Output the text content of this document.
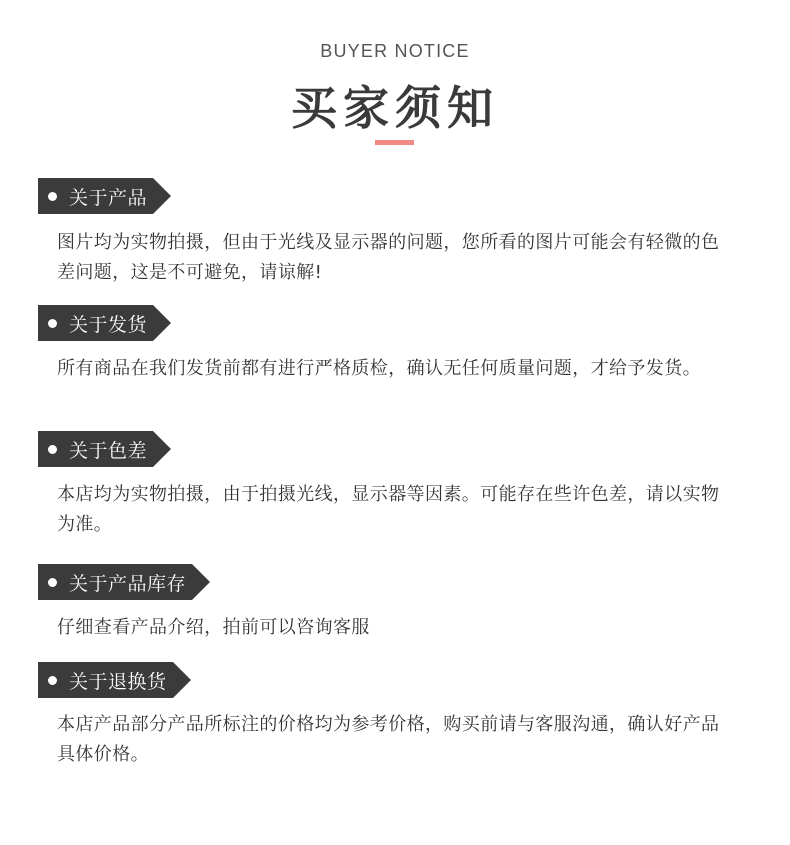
BUYER NOTICE
买家须知
关于产品
图片均为实物拍摄，但由于光线及显示器的问题，您所看的图片可能会有轻微的色差问题，这是不可避免，请谅解!
关于发货
所有商品在我们发货前都有进行严格质检，确认无任何质量问题，才给予发货。
关于色差
本店均为实物拍摄，由于拍摄光线，显示器等因素。可能存在些许色差，请以实物为准。
关于产品库存
仔细查看产品介绍，拍前可以咨询客服
关于退换货
本店产品部分产品所标注的价格均为参考价格，购买前请与客服沟通，确认好产品具体价格。
